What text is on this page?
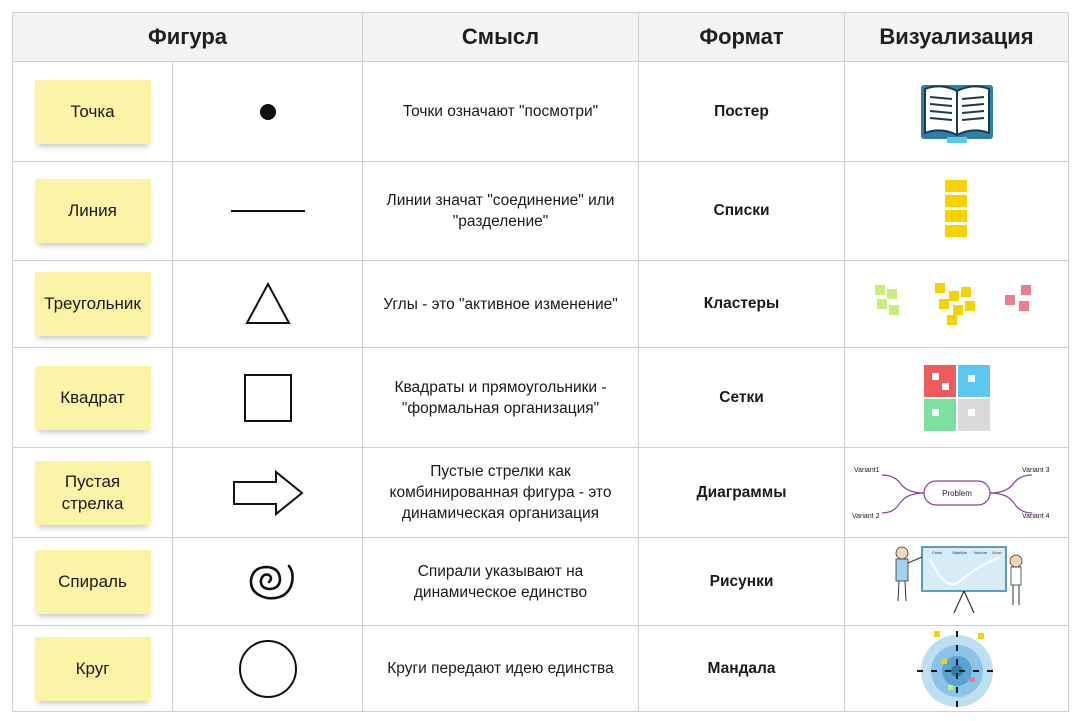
Фигура		Смысл	Формат	Визуализация
Точка		Точки означают "посмотри"	Постер	

Линия		Линии значат "соединение" или "разделение"	Списки	

Треугольник		Углы - это "активное изменение"	Кластеры	

Квадрат		Квадраты и прямоугольники - "формальная организация"	Сетки	

Пустая стрелка		Пустые стрелки как комбинированная фигура - это динамическая организация	Диаграммы	Problem
Variant1
Variant 2
Variant 3
Variant 4

Спираль		Спирали указывают на динамическое единство	Рисунки	Crisis Stabilize Nurture Grow

Круг		Круги передают идею единства	Мандала	
